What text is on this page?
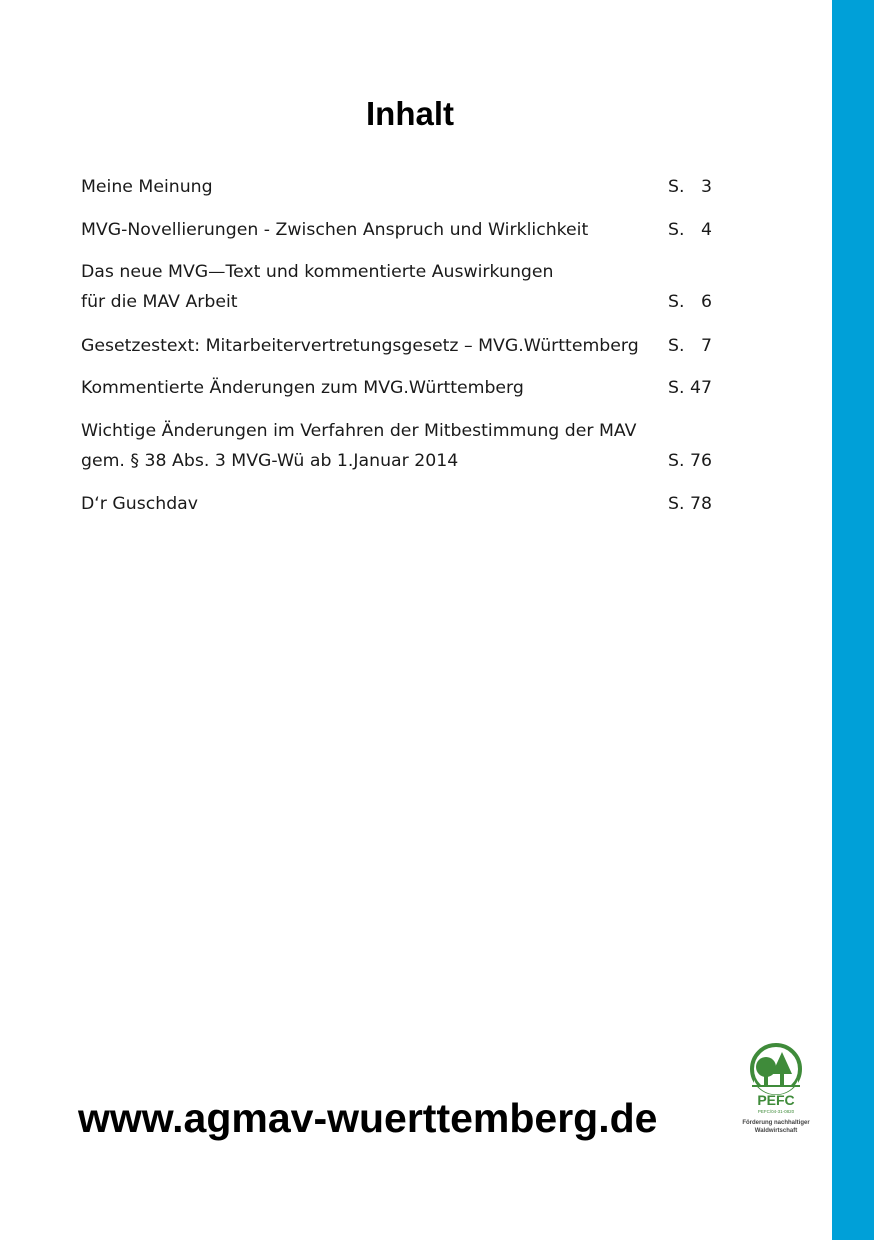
Inhalt
Meine Meinung	S.   3
MVG-Novellierungen - Zwischen Anspruch und Wirklichkeit	S.   4
Das neue MVG—Text und kommentierte Auswirkungen
für die MAV Arbeit	S.   6
Gesetzestext: Mitarbeitervertretungsgesetz – MVG.Württemberg	S.   7
Kommentierte Änderungen zum MVG.Württemberg	S. 47
Wichtige Änderungen im Verfahren der Mitbestimmung der MAV
gem. § 38 Abs. 3 MVG-Wü ab 1.Januar 2014	S. 76
D‘r Guschdav	S. 78

www.agmav-wuerttemberg.de	PEFC
PEFC/04-31-0820
Förderung nachhaltiger
Waldwirtschaft
